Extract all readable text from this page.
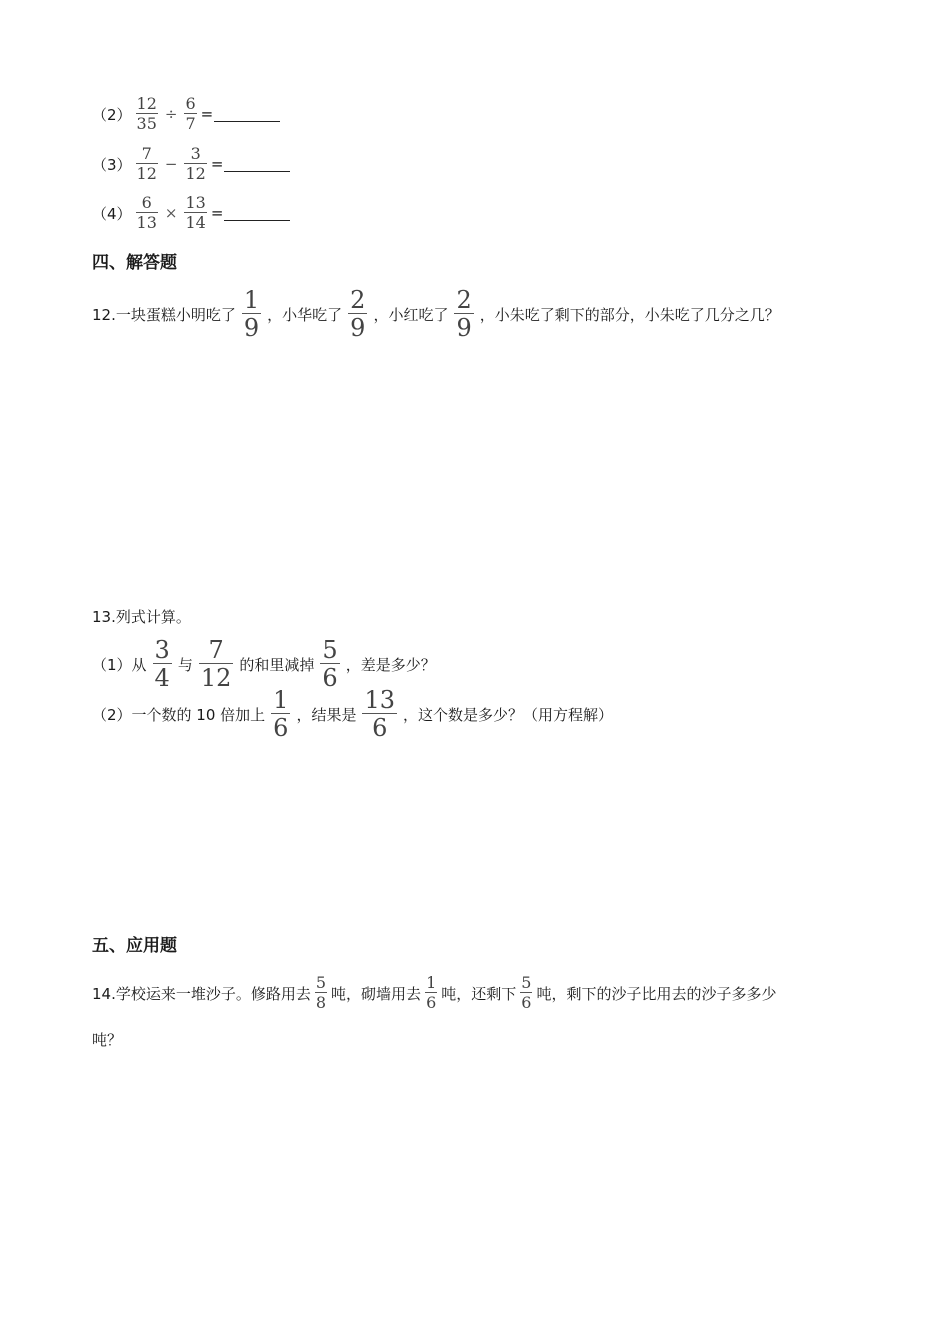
$(2) \frac{12}{35} \div \frac{6}{7}$ =
$(3) \frac{7}{12} - \frac{3}{12}$ =
$(4) \frac{6}{13} \times \frac{13}{14}$ =
四、解答题
12.一块蛋糕小明吃了 $\frac{1}{9}$ ，小华吃了 $\frac{2}{9}$ ，小红吃了 $\frac{2}{9}$ ，小朱吃了剩下的部分，小朱吃了几分之几？
13.列式计算。
（1）从 $\frac{3}{4}$ 与 $\frac{7}{12}$ 的和里减掉 $\frac{5}{6}$ ，差是多少？
（2）一个数的 10 倍加上 $\frac{1}{6}$ ，结果是 $\frac{13}{6}$ ，这个数是多少？（用方程解）
五、应用题
14.学校运来一堆沙子。修路用去 $\frac{5}{8}$ 吨，砌墙用去 $\frac{1}{6}$ 吨，还剩下 $\frac{5}{6}$ 吨，剩下的沙子比用去的沙子多多少
吨？
